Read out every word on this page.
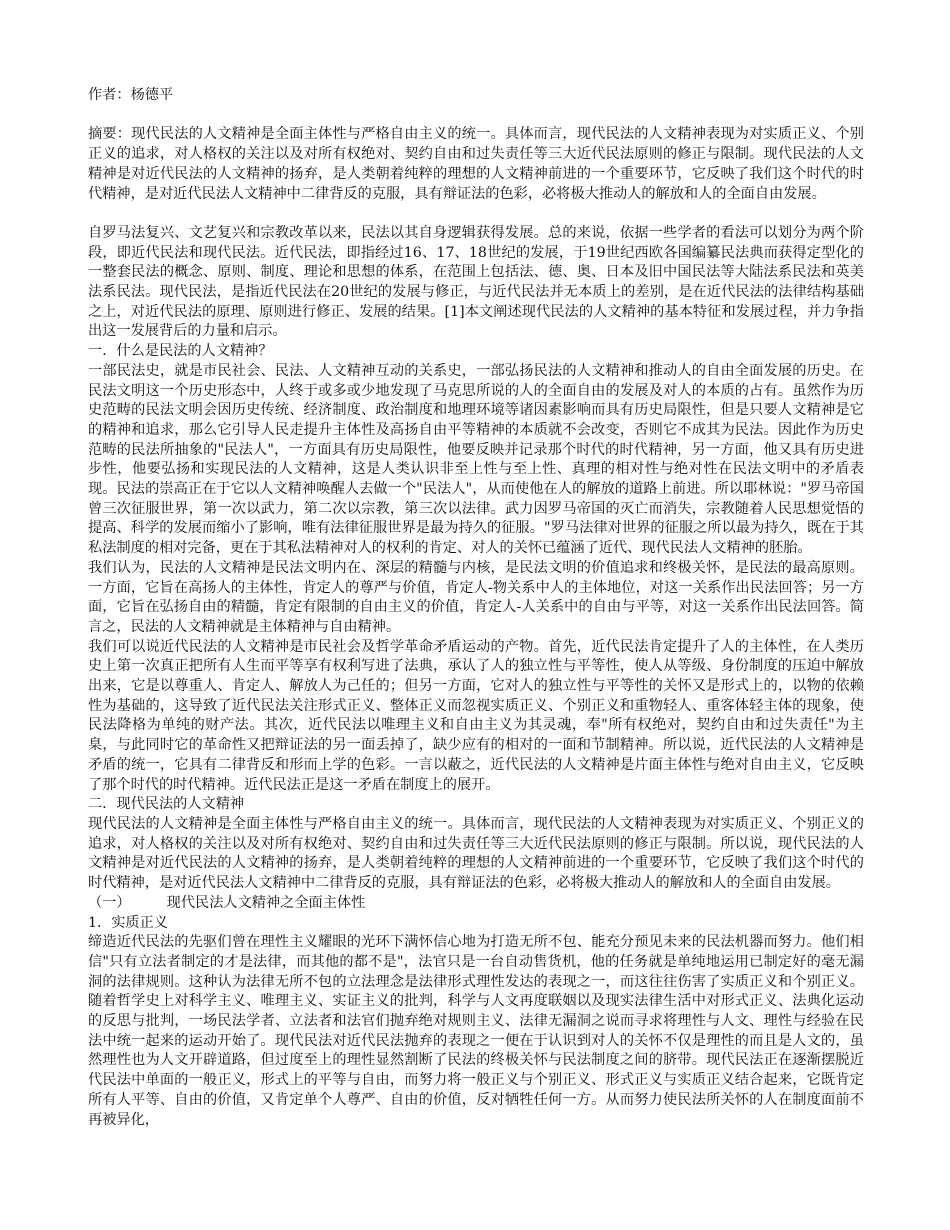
作者：杨德平

摘要：现代民法的人文精神是全面主体性与严格自由主义的统一。具体而言，现代民法的人文精神表现为对实质正义、个别正义的追求，对人格权的关注以及对所有权绝对、契约自由和过失责任等三大近代民法原则的修正与限制。现代民法的人文精神是对近代民法的人文精神的扬弃，是人类朝着纯粹的理想的人文精神前进的一个重要环节，它反映了我们这个时代的时代精神，是对近代民法人文精神中二律背反的克服，具有辩证法的色彩，必将极大推动人的解放和人的全面自由发展。

自罗马法复兴、文艺复兴和宗教改革以来，民法以其自身逻辑获得发展。总的来说，依据一些学者的看法可以划分为两个阶段，即近代民法和现代民法。近代民法，即指经过16、17、18世纪的发展，于19世纪西欧各国编纂民法典而获得定型化的一整套民法的概念、原则、制度、理论和思想的体系，在范围上包括法、德、奥、日本及旧中国民法等大陆法系民法和英美法系民法。现代民法，是指近代民法在20世纪的发展与修正，与近代民法并无本质上的差别，是在近代民法的法律结构基础之上，对近代民法的原理、原则进行修正、发展的结果。[1]本文阐述现代民法的人文精神的基本特征和发展过程，并力争指出这一发展背后的力量和启示。

一．什么是民法的人文精神？

一部民法史，就是市民社会、民法、人文精神互动的关系史，一部弘扬民法的人文精神和推动人的自由全面发展的历史。在民法文明这一个历史形态中，人终于或多或少地发现了马克思所说的人的全面自由的发展及对人的本质的占有。虽然作为历史范畴的民法文明会因历史传统、经济制度、政治制度和地理环境等诸因素影响而具有历史局限性，但是只要人文精神是它的精神和追求，那么它引导人民走提升主体性及高扬自由平等精神的本质就不会改变，否则它不成其为民法。因此作为历史范畴的民法所抽象的"民法人"，一方面具有历史局限性，他要反映并记录那个时代的时代精神，另一方面，他又具有历史进步性，他要弘扬和实现民法的人文精神，这是人类认识非至上性与至上性、真理的相对性与绝对性在民法文明中的矛盾表现。民法的崇高正在于它以人文精神唤醒人去做一个"民法人"，从而使他在人的解放的道路上前进。所以耶林说："罗马帝国曾三次征服世界，第一次以武力，第二次以宗教，第三次以法律。武力因罗马帝国的灭亡而消失，宗教随着人民思想觉悟的提高、科学的发展而缩小了影响，唯有法律征服世界是最为持久的征服。"罗马法律对世界的征服之所以最为持久，既在于其私法制度的相对完备，更在于其私法精神对人的权利的肯定、对人的关怀已蕴涵了近代、现代民法人文精神的胚胎。

我们认为，民法的人文精神是民法文明内在、深层的精髓与内核，是民法文明的价值追求和终极关怀，是民法的最高原则。一方面，它旨在高扬人的主体性，肯定人的尊严与价值，肯定人-物关系中人的主体地位，对这一关系作出民法回答；另一方面，它旨在弘扬自由的精髓，肯定有限制的自由主义的价值，肯定人-人关系中的自由与平等，对这一关系作出民法回答。简言之，民法的人文精神就是主体精神与自由精神。

我们可以说近代民法的人文精神是市民社会及哲学革命矛盾运动的产物。首先，近代民法肯定提升了人的主体性，在人类历史上第一次真正把所有人生而平等享有权利写进了法典，承认了人的独立性与平等性，使人从等级、身份制度的压迫中解放出来，它是以尊重人、肯定人、解放人为己任的；但另一方面，它对人的独立性与平等性的关怀又是形式上的，以物的依赖性为基础的，这导致了近代民法关注形式正义、整体正义而忽视实质正义、个别正义和重物轻人、重客体轻主体的现象，使民法降格为单纯的财产法。其次，近代民法以唯理主义和自由主义为其灵魂，奉"所有权绝对，契约自由和过失责任"为主臬，与此同时它的革命性又把辩证法的另一面丢掉了，缺少应有的相对的一面和节制精神。所以说，近代民法的人文精神是矛盾的统一，它具有二律背反和形而上学的色彩。一言以蔽之，近代民法的人文精神是片面主体性与绝对自由主义，它反映了那个时代的时代精神。近代民法正是这一矛盾在制度上的展开。

二．现代民法的人文精神

现代民法的人文精神是全面主体性与严格自由主义的统一。具体而言，现代民法的人文精神表现为对实质正义、个别正义的追求，对人格权的关注以及对所有权绝对、契约自由和过失责任等三大近代民法原则的修正与限制。所以说，现代民法的人文精神是对近代民法的人文精神的扬弃，是人类朝着纯粹的理想的人文精神前进的一个重要环节，它反映了我们这个时代的时代精神，是对近代民法人文精神中二律背反的克服，具有辩证法的色彩，必将极大推动人的解放和人的全面自由发展。

（一）        现代民法人文精神之全面主体性

1．实质正义

缔造近代民法的先驱们曾在理性主义耀眼的光环下满怀信心地为打造无所不包、能充分预见未来的民法机器而努力。他们相信"只有立法者制定的才是法律，而其他的都不是"，法官只是一台自动售货机，他的任务就是单纯地运用已制定好的毫无漏洞的法律规则。这种认为法律无所不包的立法理念是法律形式理性发达的表现之一，而这往往伤害了实质正义和个别正义。随着哲学史上对科学主义、唯理主义、实证主义的批判，科学与人文再度联姻以及现实法律生活中对形式正义、法典化运动的反思与批判，一场民法学者、立法者和法官们抛弃绝对规则主义、法律无漏洞之说而寻求将理性与人文、理性与经验在民法中统一起来的运动开始了。现代民法对近代民法抛弃的表现之一便在于认识到对人的关怀不仅是理性的而且是人文的，虽然理性也为人文开辟道路，但过度至上的理性显然割断了民法的终极关怀与民法制度之间的脐带。现代民法正在逐渐摆脱近代民法中单面的一般正义，形式上的平等与自由，而努力将一般正义与个别正义、形式正义与实质正义结合起来，它既肯定所有人平等、自由的价值，又肯定单个人尊严、自由的价值，反对牺牲任何一方。从而努力使民法所关怀的人在制度面前不再被异化，
